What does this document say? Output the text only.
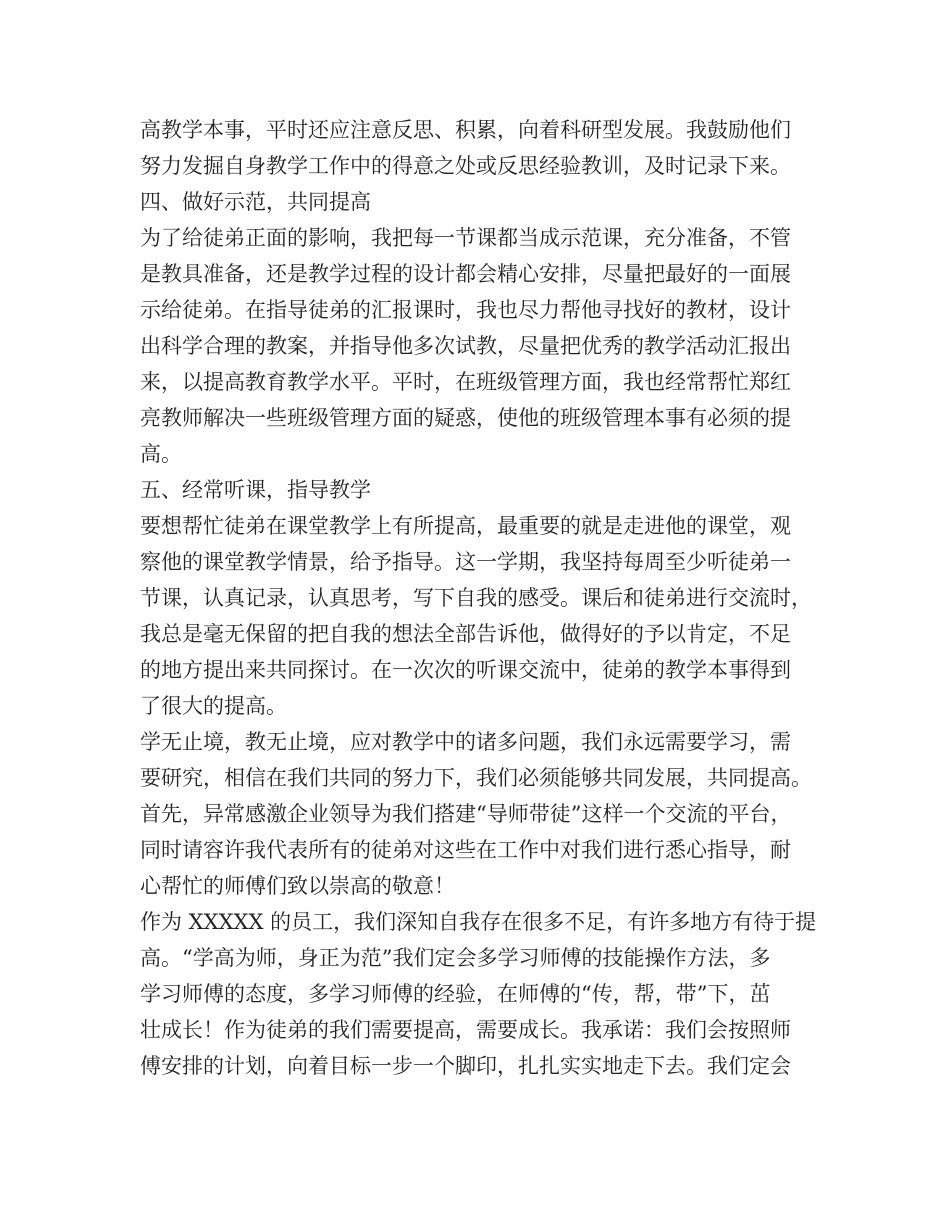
高教学本事，平时还应注意反思、积累，向着科研型发展。我鼓励他们
努力发掘自身教学工作中的得意之处或反思经验教训，及时记录下来。
四、做好示范，共同提高
为了给徒弟正面的影响，我把每一节课都当成示范课，充分准备，不管
是教具准备，还是教学过程的设计都会精心安排，尽量把最好的一面展
示给徒弟。在指导徒弟的汇报课时，我也尽力帮他寻找好的教材，设计
出科学合理的教案，并指导他多次试教，尽量把优秀的教学活动汇报出
来，以提高教育教学水平。平时，在班级管理方面，我也经常帮忙郑红
亮教师解决一些班级管理方面的疑惑，使他的班级管理本事有必须的提
高。
五、经常听课，指导教学
要想帮忙徒弟在课堂教学上有所提高，最重要的就是走进他的课堂，观
察他的课堂教学情景，给予指导。这一学期，我坚持每周至少听徒弟一
节课，认真记录，认真思考，写下自我的感受。课后和徒弟进行交流时，
我总是毫无保留的把自我的想法全部告诉他，做得好的予以肯定，不足
的地方提出来共同探讨。在一次次的听课交流中，徒弟的教学本事得到
了很大的提高。
学无止境，教无止境，应对教学中的诸多问题，我们永远需要学习，需
要研究，相信在我们共同的努力下，我们必须能够共同发展，共同提高。
首先，异常感激企业领导为我们搭建“导师带徒”这样一个交流的平台，
同时请容许我代表所有的徒弟对这些在工作中对我们进行悉心指导，耐
心帮忙的师傅们致以崇高的敬意！
作为 XXXXX 的员工，我们深知自我存在很多不足，有许多地方有待于提
高。“学高为师，身正为范”我们定会多学习师傅的技能操作方法，多
学习师傅的态度，多学习师傅的经验，在师傅的“传，帮，带”下，茁
壮成长！作为徒弟的我们需要提高，需要成长。我承诺：我们会按照师
傅安排的计划，向着目标一步一个脚印，扎扎实实地走下去。我们定会
